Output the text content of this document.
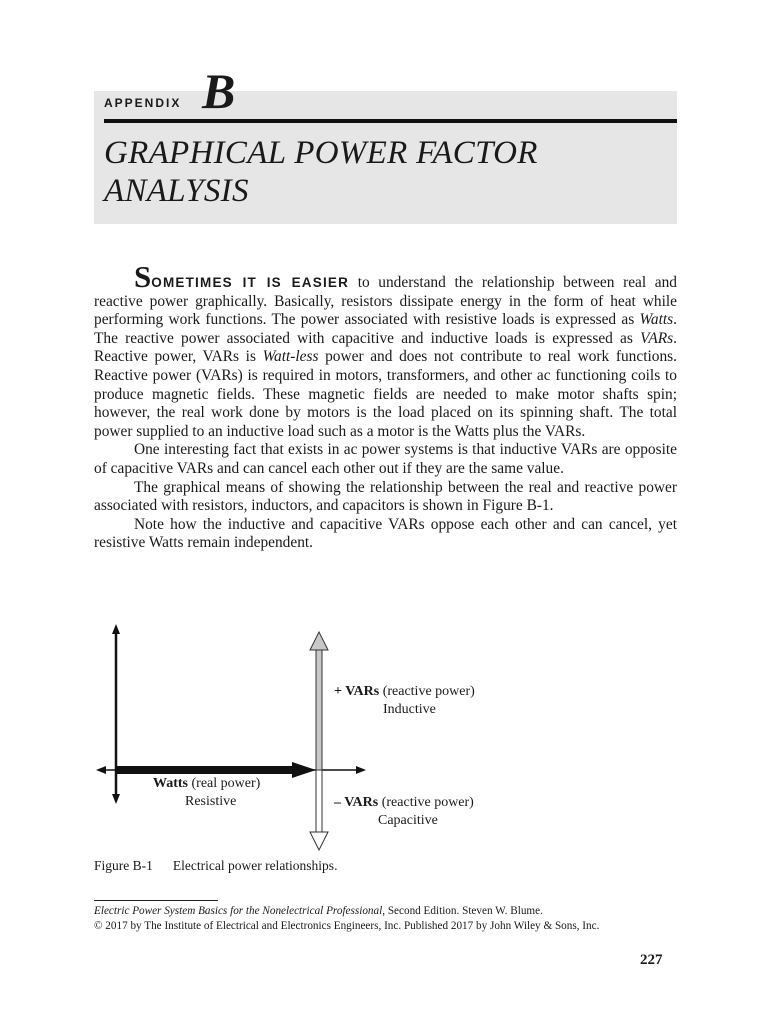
APPENDIX B
GRAPHICAL POWER FACTOR
ANALYSIS

SOMETIMES IT IS EASIER to understand the relationship between real and reactive power graphically. Basically, resistors dissipate energy in the form of heat while performing work functions. The power associated with resistive loads is expressed as Watts. The reactive power associated with capacitive and inductive loads is expressed as VARs. Reactive power, VARs is Watt-less power and does not contribute to real work functions. Reactive power (VARs) is required in motors, transformers, and other ac functioning coils to produce magnetic fields. These magnetic fields are needed to make motor shafts spin; however, the real work done by motors is the load placed on its spinning shaft. The total power supplied to an inductive load such as a motor is the Watts plus the VARs.

One interesting fact that exists in ac power systems is that inductive VARs are opposite of capacitive VARs and can cancel each other out if they are the same value.

The graphical means of showing the relationship between the real and reactive power associated with resistors, inductors, and capacitors is shown in Figure B-1.

Note how the inductive and capacitive VARs oppose each other and can cancel, yet resistive Watts remain independent.

+ VARs (reactive power)
Inductive
Watts (real power)
Resistive	– VARs (reactive power)
Capacitive
Figure B-1 Electrical power relationships.
Electric Power System Basics for the Nonelectrical Professional, Second Edition. Steven W. Blume.
© 2017 by The Institute of Electrical and Electronics Engineers, Inc. Published 2017 by John Wiley & Sons, Inc.
227
